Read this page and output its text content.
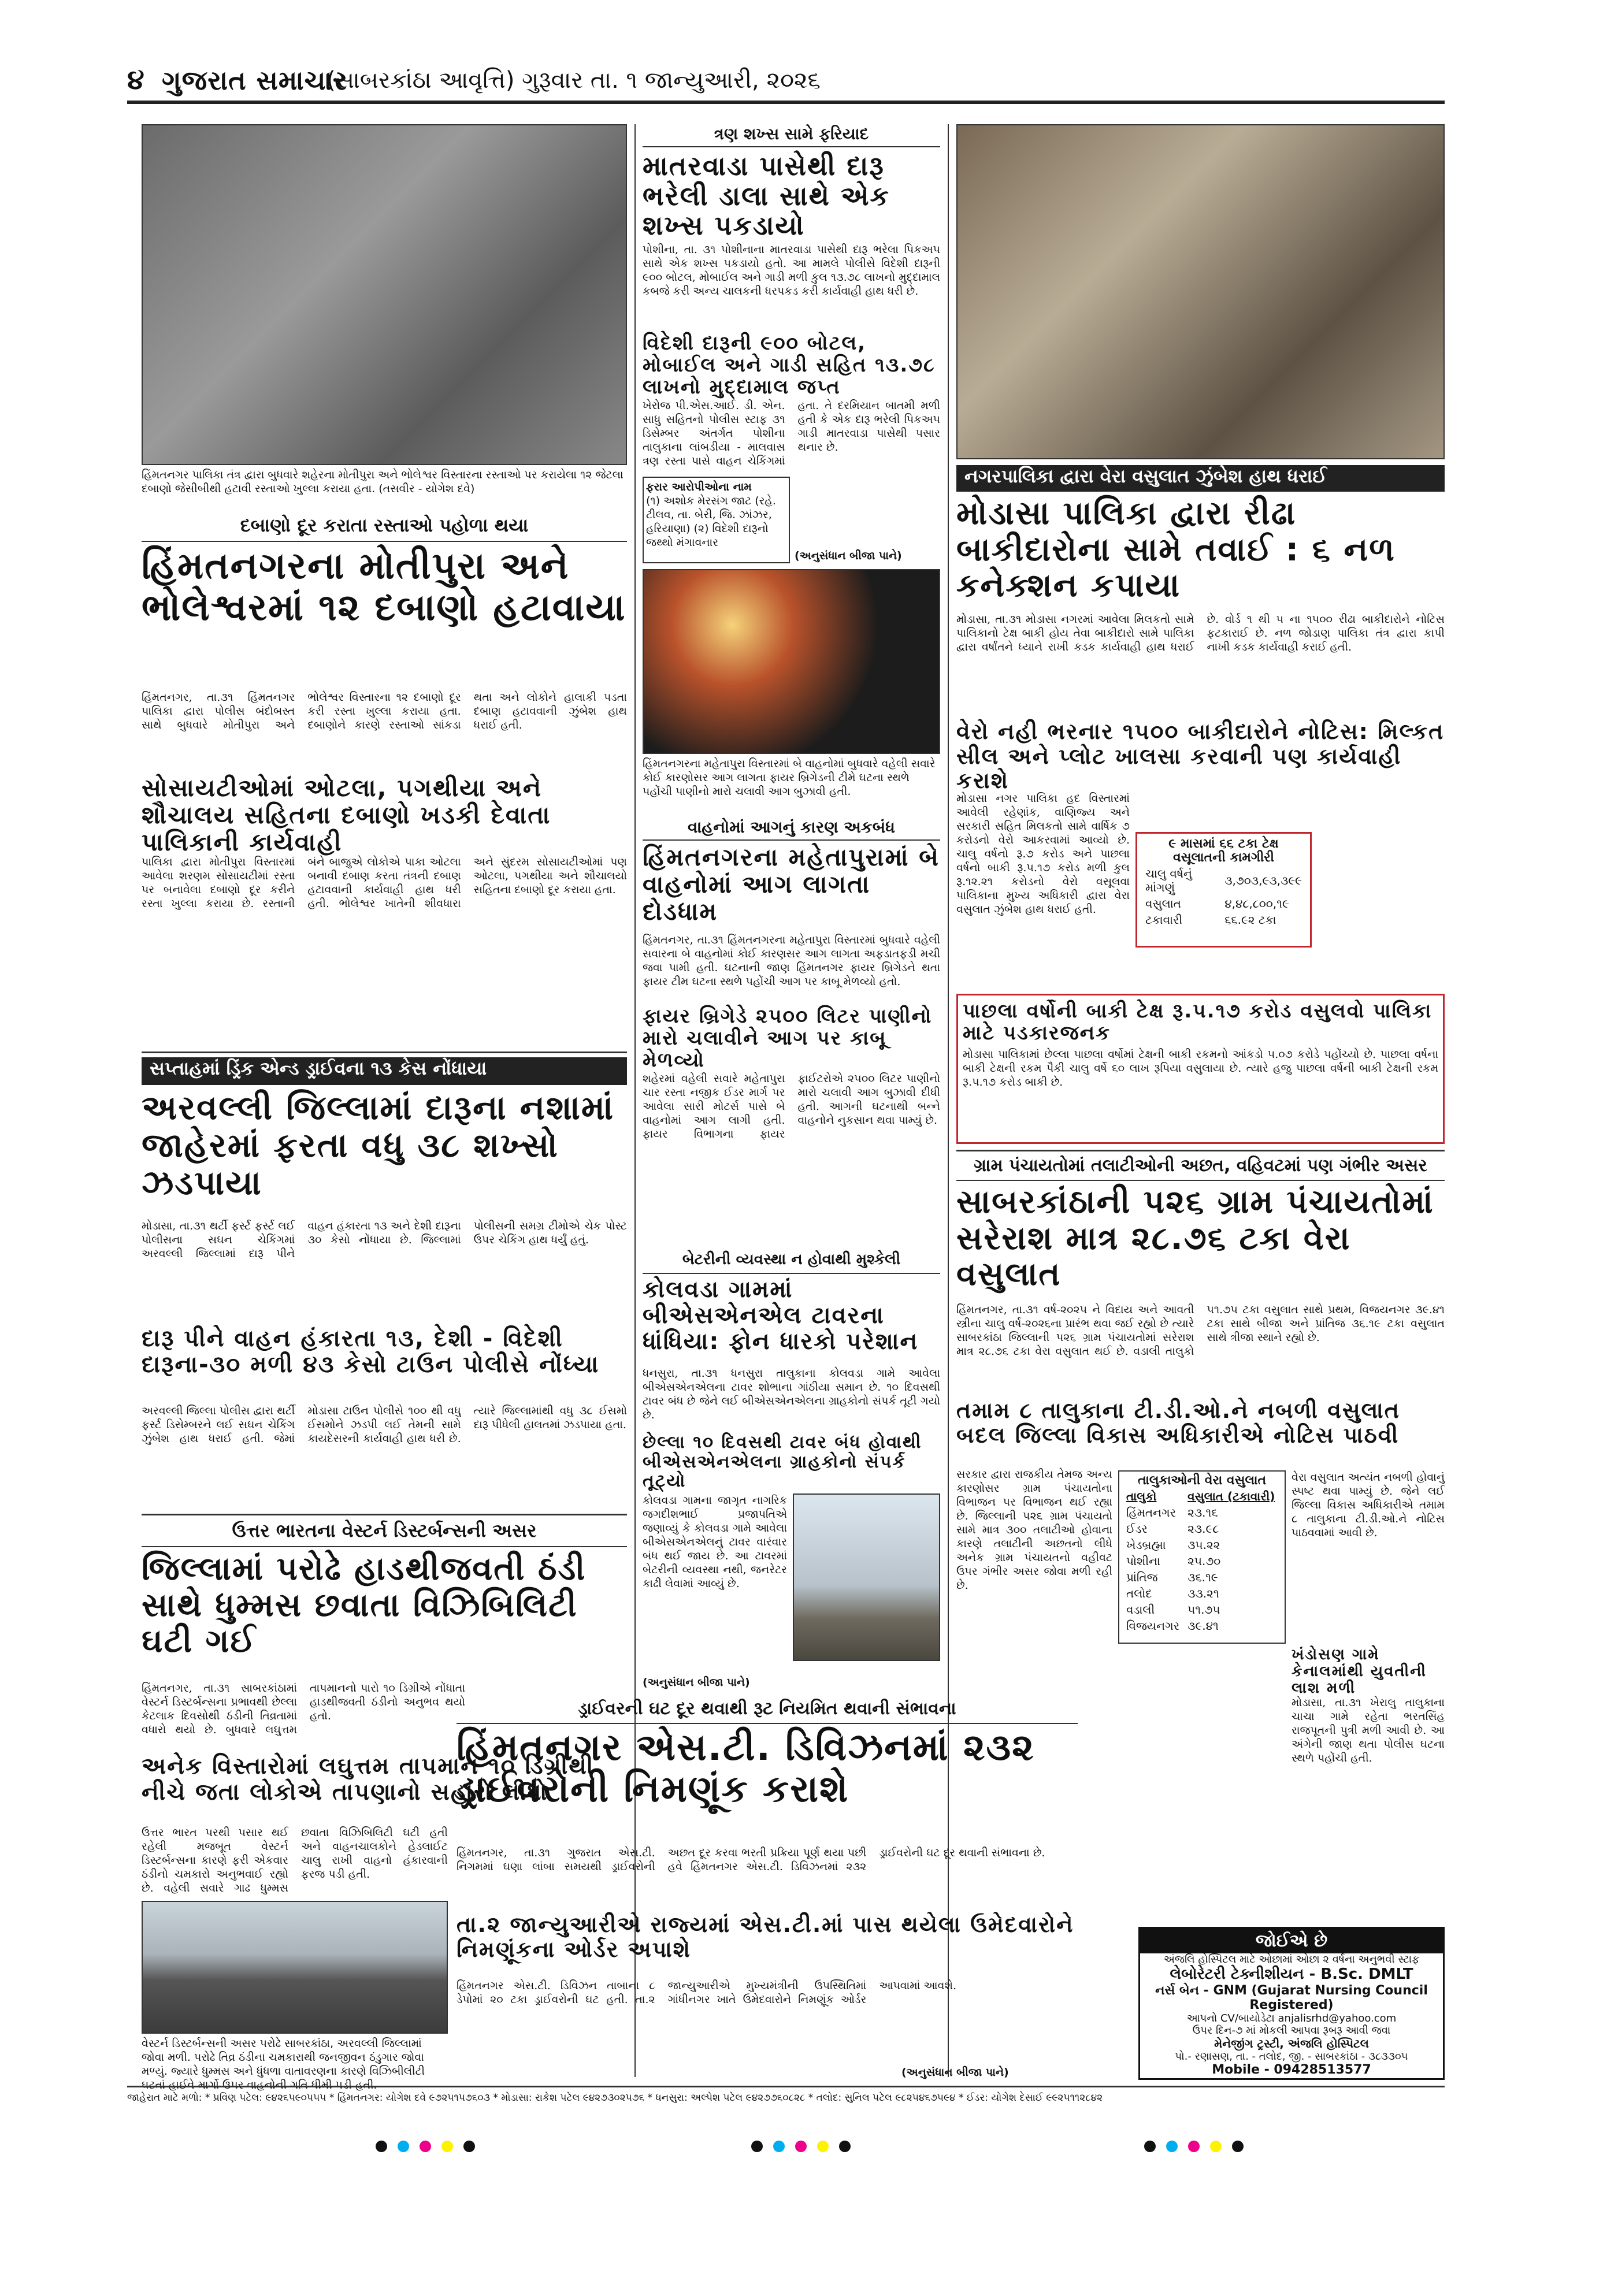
૪ ગુજરાત સમાચાર
(સાબરકાંઠા આવૃત્તિ) ગુરૂવાર તા. ૧ જાન્યુઆરી, ૨૦૨૬
હિંમતનગર પાલિકા તંત્ર દ્વારા બુધવારે શહેરના મોતીપુરા અને ભોલેશ્વર વિસ્તારના રસ્તાઓ પર કરાયેલા ૧૨ જેટલા દબાણો જેસીબીથી હટાવી રસ્તાઓ ખુલ્લા કરાયા હતા. (તસવીર - યોગેશ દવે)
દબાણો દૂર કરાતા રસ્તાઓ પહોળા થયા
હિંમતનગરના મોતીપુરા અને ભોલેશ્વરમાં ૧૨ દબાણો હટાવાયા
હિંમતનગર, તા.૩૧ હિંમતનગર પાલિકા દ્વારા પોલીસ બંદોબસ્ત સાથે બુધવારે મોતીપુરા અને ભોલેશ્વર વિસ્તારના ૧૨ દબાણો દૂર કરી રસ્તા ખુલ્લા કરાયા હતા. દબાણોને કારણે રસ્તાઓ સાંકડા થતા અને લોકોને હાલાકી પડતા દબાણ હટાવવાની ઝુંબેશ હાથ ધરાઈ હતી.
સોસાયટીઓમાં ઓટલા, પગથીયા અને શૌચાલય સહિતના દબાણો ખડકી દેવાતા પાલિકાની કાર્યવાહી
પાલિકા દ્વારા મોતીપુરા વિસ્તારમાં આવેલા શરણમ સોસાયટીમાં રસ્તા પર બનાવેલા દબાણો દૂર કરીને રસ્તા ખુલ્લા કરાયા છે. રસ્તાની બંને બાજુએ લોકોએ પાકા ઓટલા બનાવી દબાણ કરતા તંત્રની દબાણ હટાવવાની કાર્યવાહી હાથ ધરી હતી. ભોલેશ્વર ખાતેની શીવધારા અને સુંદરમ સોસાયટીઓમાં પણ ઓટલા, પગથીયા અને શૌચાલયો સહિતના દબાણો દૂર કરાયા હતા.
સપ્તાહમાં ડ્રિંક એન્ડ ડ્રાઈવના ૧૩ કેસ નોંધાયા
અરવલ્લી જિલ્લામાં દારૂના નશામાં જાહેરમાં ફરતા વધુ ૩૮ શખ્સો ઝડપાયા
મોડાસા, તા.૩૧ થર્ટી ફર્સ્ટ ફર્સ્ટ લઈ પોલીસના સઘન ચેકિંગમાં અરવલ્લી જિલ્લામાં દારૂ પીને વાહન હંકારતા ૧૩ અને દેશી દારૂના ૩૦ કેસો નોંધાયા છે. જિલ્લામાં પોલીસની સમગ્ર ટીમોએ ચેક પોસ્ટ ઉપર ચેકિંગ હાથ ધર્યું હતું.
દારૂ પીને વાહન હંકારતા ૧૩, દેશી - વિદેશી દારૂના-૩૦ મળી ૪૩ કેસો ટાઉન પોલીસે નોંધ્યા
અરવલ્લી જિલ્લા પોલીસ દ્વારા થર્ટી ફર્સ્ટ ડિસેમ્બરને લઈ સઘન ચેકિંગ ઝુંબેશ હાથ ધરાઈ હતી. જેમાં મોડાસા ટાઉન પોલીસે ૧૦૦ થી વધુ ઈસમોને ઝડપી લઈ તેમની સામે કાયદેસરની કાર્યવાહી હાથ ધરી છે. ત્યારે જિલ્લામાંથી વધુ ૩૮ ઈસમો દારૂ પીધેલી હાલતમાં ઝડપાયા હતા.
ઉત્તર ભારતના વેસ્ટર્ન ડિસ્ટર્બન્સની અસર
જિલ્લામાં પરોઢે હાડથીજવતી ઠંડી સાથે ધુમ્મસ છવાતા વિઝિબિલિટી ઘટી ગઈ
હિંમતનગર, તા.૩૧ સાબરકાંઠામાં વેસ્ટર્ન ડિસ્ટર્બન્સના પ્રભાવથી છેલ્લા કેટલાક દિવસોથી ઠંડીની તિવ્રતામાં વધારો થયો છે. બુધવારે લઘુત્તમ તાપમાનનો પારો ૧૦ ડિગ્રીએ નોંધાતા હાડથીજવતી ઠંડીનો અનુભવ થયો હતો.
અનેક વિસ્તારોમાં લઘુત્તમ તાપમાન ૧૦ ડિગ્રીથી નીચે જતા લોકોએ તાપણાનો સહારો લીધો
ઉત્તર ભારત પરથી પસાર થઈ રહેલી મજબૂત વેસ્ટર્ન ડિસ્ટર્બન્સના કારણે ફરી એકવાર ઠંડીનો ચમકારો અનુભવાઈ રહ્યો છે. વહેલી સવારે ગાઢ ધુમ્મસ છવાતા વિઝિબિલિટી ઘટી હતી અને વાહનચાલકોને હેડલાઈટ ચાલુ રાખી વાહનો હંકારવાની ફરજ પડી હતી.
વેસ્ટર્ન ડિસ્ટર્બન્સની અસર પરોઢે સાબરકાંઠા, અરવલ્લી જિલ્લામાં જોવા મળી. પરોઢે તિવ્ર ઠંડીના ચમકારાથી જનજીવન ઠંડુગાર જોવા મળ્યું. જ્યારે ધુમ્મસ અને ધુંધળા વાતાવરણના કારણે વિઝિબીલીટી ઘટતાં હાઈવે માર્ગો ઉપર વાહનોની ગતિ ધીમી પડી હતી.
ત્રણ શખ્સ સામે ફરિયાદ
માતરવાડા પાસેથી દારૂ ભરેલી ડાલા સાથે એક શખ્સ પકડાયો
પોશીના, તા. ૩૧ પોશીનાના માતરવાડા પાસેથી દારૂ ભરેલા પિકઅપ સાથે એક શખ્સ પકડાયો હતો. આ મામલે પોલીસે વિદેશી દારૂની ૯૦૦ બોટલ, મોબાઈલ અને ગાડી મળી કુલ ૧૩.૭૮ લાખનો મુદ્દામાલ કબજે કરી અન્ય ચાલકની ધરપકડ કરી કાર્યવાહી હાથ ધરી છે.
વિદેશી દારૂની ૯૦૦ બોટલ, મોબાઈલ અને ગાડી સહિત ૧૩.૭૮ લાખનો મુદ્દામાલ જપ્ત
ખેરોજ પી.એસ.આઈ. ડી. એન. સાધુ સહિતનો પોલીસ સ્ટાફ ૩૧ ડિસેમ્બર અંતર્ગત પોશીના તાલુકાના લાંબડીયા - માલવાસ ત્રણ રસ્તા પાસે વાહન ચેકિંગમાં હતા. તે દરમિયાન બાતમી મળી હતી કે એક દારૂ ભરેલી પિકઅપ ગાડી માતરવાડા પાસેથી પસાર થનાર છે.
ફરાર આરોપીઓના નામ
(૧) અશોક મેરસંગ જાટ (રહે. ટીલવ, તા. બેરી, જિ. ઝાંઝર, હરિયાણા) (૨) વિદેશી દારૂનો જથ્થો મંગાવનાર
(અનુસંધાન બીજા પાને)
હિંમતનગરના મહેતાપુરા વિસ્તારમાં બે વાહનોમાં બુધવારે વહેલી સવારે કોઈ કારણોસર આગ લાગતા ફાયર બ્રિગેડની ટીમે ઘટના સ્થળે પહોંચી પાણીનો મારો ચલાવી આગ બુઝાવી હતી.
વાહનોમાં આગનું કારણ અકબંધ
હિંમતનગરના મહેતાપુરામાં બે વાહનોમાં આગ લાગતા દોડધામ
હિંમતનગર, તા.૩૧ હિંમતનગરના મહેતાપુરા વિસ્તારમાં બુધવારે વહેલી સવારના બે વાહનોમાં કોઈ કારણસર આગ લાગતા અફડાતફડી મચી જવા પામી હતી. ઘટનાની જાણ હિંમતનગર ફાયર બ્રિગેડને થતા ફાયર ટીમ ઘટના સ્થળે પહોંચી આગ પર કાબૂ મેળવ્યો હતો.
ફાયર બ્રિગેડે ૨૫૦૦ લિટર પાણીનો મારો ચલાવીને આગ પર કાબૂ મેળવ્યો
શહેરમાં વહેલી સવારે મહેતાપુરા ચાર રસ્તા નજીક ઈડર માર્ગ પર આવેલા સારી મોટર્સ પાસે બે વાહનોમાં આગ લાગી હતી. ફાયર વિભાગના ફાયર ફાઈટરોએ ૨૫૦૦ લિટર પાણીનો મારો ચલાવી આગ બુઝાવી દીધી હતી. આગની ઘટનાથી બન્ને વાહનોને નુકસાન થવા પામ્યું છે.
બેટરીની વ્યવસ્થા ન હોવાથી મુશ્કેલી
કોલવડા ગામમાં બીએસએનએલ ટાવરના ધાંધિયા: ફોન ધારકો પરેશાન
ધનસુરા, તા.૩૧ ધનસુરા તાલુકાના કોલવડા ગામે આવેલા બીએસએનએલના ટાવર શોભાના ગાંઠીયા સમાન છે. ૧૦ દિવસથી ટાવર બંધ છે જેને લઈ બીએસએનએલના ગ્રાહકોનો સંપર્ક તૂટી ગયો છે.
છેલ્લા ૧૦ દિવસથી ટાવર બંધ હોવાથી બીએસએનએલના ગ્રાહકોનો સંપર્ક તૂટ્યો
કોલવડા ગામના જાગૃત નાગરિક જગદીશભાઈ પ્રજાપતિએ જણાવ્યું કે કોલવડા ગામે આવેલા બીએસએનએલનું ટાવર વારંવાર બંધ થઈ જાય છે. આ ટાવરમાં બેટરીની વ્યવસ્થા નથી, જનરેટર કાઢી લેવામાં આવ્યું છે.
(અનુસંધાન બીજા પાને)
ડ્રાઈવરની ઘટ દૂર થવાથી રૂટ નિયમિત થવાની સંભાવના
હિંમતનગર એસ.ટી. ડિવિઝનમાં ૨૩૨ ડ્રાઈવરોની નિમણૂંક કરાશે
હિંમતનગર, તા.૩૧ ગુજરાત એસ.ટી. નિગમમાં ઘણા લાંબા સમયથી ડ્રાઈવરોની અછત દૂર કરવા ભરતી પ્રક્રિયા પૂર્ણ થયા પછી હવે હિંમતનગર એસ.ટી. ડિવિઝનમાં ૨૩૨ ડ્રાઈવરોની ઘટ દૂર થવાની સંભાવના છે.
તા.૨ જાન્યુઆરીએ રાજ્યમાં એસ.ટી.માં પાસ થયેલા ઉમેદવારોને નિમણૂંકના ઓર્ડર અપાશે
હિંમતનગર એસ.ટી. ડિવિઝન તાબાના ૮ ડેપોમાં ૨૦ ટકા ડ્રાઈવરોની ઘટ હતી. તા.૨ જાન્યુઆરીએ મુખ્યમંત્રીની ઉપસ્થિતિમાં ગાંધીનગર ખાતે ઉમેદવારોને નિમણૂંક ઓર્ડર આપવામાં આવશે.
(અનુસંધાન બીજા પાને)
નગરપાલિકા દ્વારા વેરા વસુલાત ઝુંબેશ હાથ ધરાઈ
મોડાસા પાલિકા દ્વારા રીઢા બાકીદારોના સામે તવાઈ : ૬ નળ કનેક્શન કપાયા
મોડાસા, તા.૩૧ મોડાસા નગરમાં આવેલા મિલકતો સામે પાલિકાનો ટેક્ષ બાકી હોય તેવા બાકીદારો સામે પાલિકા દ્વારા વર્ષાંતને ધ્યાને રાખી કડક કાર્યવાહી હાથ ધરાઈ છે. વોર્ડ ૧ થી ૫ ના ૧૫૦૦ રીઢા બાકીદારોને નોટિસ ફટકારાઈ છે. નળ જોડાણ પાલિકા તંત્ર દ્વારા કાપી નાખી કડક કાર્યવાહી કરાઈ હતી.
વેરો નહી ભરનાર ૧૫૦૦ બાકીદારોને નોટિસ: મિલ્કત સીલ અને પ્લોટ ખાલસા કરવાની પણ કાર્યવાહી કરાશે
મોડાસા નગર પાલિકા હદ વિસ્તારમાં આવેલી રહેણાંક, વાણિજ્ય અને સરકારી સહિત મિલકતો સામે વાર્ષિક ૭ કરોડનો વેરો આકરવામાં આવ્યો છે. ચાલુ વર્ષનો રૂ.૭ કરોડ અને પાછલા વર્ષનો બાકી રૂ.૫.૧૭ કરોડ મળી કુલ રૂ.૧૨.૨૧ કરોડનો વેરો વસૂલવા પાલિકાના મુખ્ય અધિકારી દ્વારા વેરા વસુલાત ઝુંબેશ હાથ ધરાઈ હતી.
૯ માસમાં ૬૬ ટકા ટેક્ષ વસૂલાતની કામગીરી
ચાલુ વર્ષનું માંગણું	૩,૭૦૩,૯૩,૩૯૯
વસુલાત	૪,૪૮,૮૦૦,૧૯
ટકાવારી	૬૬.૯૨ ટકા
પાછલા વર્ષોની બાકી ટેક્ષ રૂ.૫.૧૭ કરોડ વસુલવો પાલિકા માટે પડકારજનક
મોડાસા પાલિકામાં છેલ્લા પાછલા વર્ષોમાં ટેક્ષની બાકી રકમનો આંકડો ૫.૦૭ કરોડે પહોંચ્યો છે. પાછલા વર્ષના બાકી ટેક્ષની રકમ પૈકી ચાલુ વર્ષે ૬૦ લાખ રૂપિયા વસુલાયા છે. ત્યારે હજુ પાછલા વર્ષની બાકી ટેક્ષની રકમ રૂ.૫.૧૭ કરોડ બાકી છે.
ગ્રામ પંચાયતોમાં તલાટીઓની અછત, વહિવટમાં પણ ગંભીર અસર
સાબરકાંઠાની પ૨૬ ગ્રામ પંચાયતોમાં સરેરાશ માત્ર ૨૮.૭૬ ટકા વેરા વસુલાત
હિંમતનગર, તા.૩૧ વર્ષ-૨૦૨૫ ને વિદાય અને આવતી સ્ત્રીના ચાલુ વર્ષ-૨૦૨૬ના પ્રારંભ થવા જઈ રહ્યો છે ત્યારે સાબરકાંઠા જિલ્લાની પ૨૬ ગ્રામ પંચાયતોમાં સરેરાશ માત્ર ૨૮.૭૬ ટકા વેરા વસુલાત થઈ છે. વડાલી તાલુકો પ૧.૭૫ ટકા વસુલાત સાથે પ્રથમ, વિજયનગર ૩૯.૪૧ ટકા સાથે બીજા અને પ્રાંતિજ ૩૬.૧૯ ટકા વસુલાત સાથે ત્રીજા સ્થાને રહ્યો છે.
તમામ ૮ તાલુકાના ટી.ડી.ઓ.ને નબળી વસુલાત બદલ જિલ્લા વિકાસ અધિકારીએ નોટિસ પાઠવી
સરકાર દ્વારા રાજકીય તેમજ અન્ય કારણોસર ગ્રામ પંચાયતોના વિભાજન પર વિભાજન થઈ રહ્યા છે. જિલ્લાની પ૨૬ ગ્રામ પંચાયતો સામે માત્ર ૩૦૦ તલાટીઓ હોવાના કારણે તલાટીની અછતનો લીધે અનેક ગ્રામ પંચાયતનો વહીવટ ઉપર ગંભીર અસર જોવા મળી રહી છે.
તાલુકાઓની વેરા વસુલાત
તાલુકો	વસુલાત (ટકાવારી)
હિંમતનગર	૨૩.૧૬
ઈડર	૨૩.૯૮
ખેડબ્રહ્મા	૩૫.૨૨
પોશીના	૨૫.૭૦
પ્રાંતિજ	૩૬.૧૯
તલોદ	૩૩.૨૧
વડાલી	૫૧.૭૫
વિજયનગર	૩૯.૪૧
વેરા વસુલાત અત્યંત નબળી હોવાનું સ્પષ્ટ થવા પામ્યું છે. જેને લઈ જિલ્લા વિકાસ અધિકારીએ તમામ ૮ તાલુકાના ટી.ડી.ઓ.ને નોટિસ પાઠવવામાં આવી છે.
ખંડોસણ ગામે કેનાલમાંથી યુવતીની લાશ મળી
મોડાસા, તા.૩૧ ખેરાલુ તાલુકાના ચાચા ગામે રહેતા ભરતસિંહ રાજપૂતની પુત્રી મળી આવી છે. આ અંગેની જાણ થતા પોલીસ ઘટના સ્થળે પહોંચી હતી.
જોઈએ છે
અંજલિ હોસ્પિટલ માટે ઓછામાં ઓછા ૨ વર્ષના અનુભવી સ્ટાફ
લેબોરેટરી ટેક્નીશીયન - B.Sc. DMLT
નર્સ બેન - GNM (Gujarat Nursing Council Registered)
આપનો CV/બાયોડેટા anjalisrhd@yahoo.com
ઉપર દિન-૭ માં મોકલી આપવા રૂબરૂ આવી જવા
મેનેજીંગ ટ્રસ્ટી, અંજલિ હોસ્પિટલ
પો.- રણાસણ, તા. - તલોદ, જી. - સાબરકાંઠા - ૩૮૩૩૦૫
Mobile - 09428513577
જાહેરાત માટે મળો: * પ્રવિણ પટેલ: ૯૪૨૬૫૯૦૫૫૫ * હિંમતનગર: યોગેશ દવે ૯૭૨૫૧૫૭૬૦૩ * મોડાસા: રાકેશ પટેલ ૯૪૨૭૩૦૨૫૭૬ * ધનસુરા: અલ્પેશ પટેલ ૯૪૨૭૭૬૦૮૨૮ * તલોદ: સુનિલ પટેલ ૯૮૨૫૪૬૭૫૯૪ * ઈડર: યોગેશ દેસાઈ ૯૯૨૫૧૧૨૮૪૨
